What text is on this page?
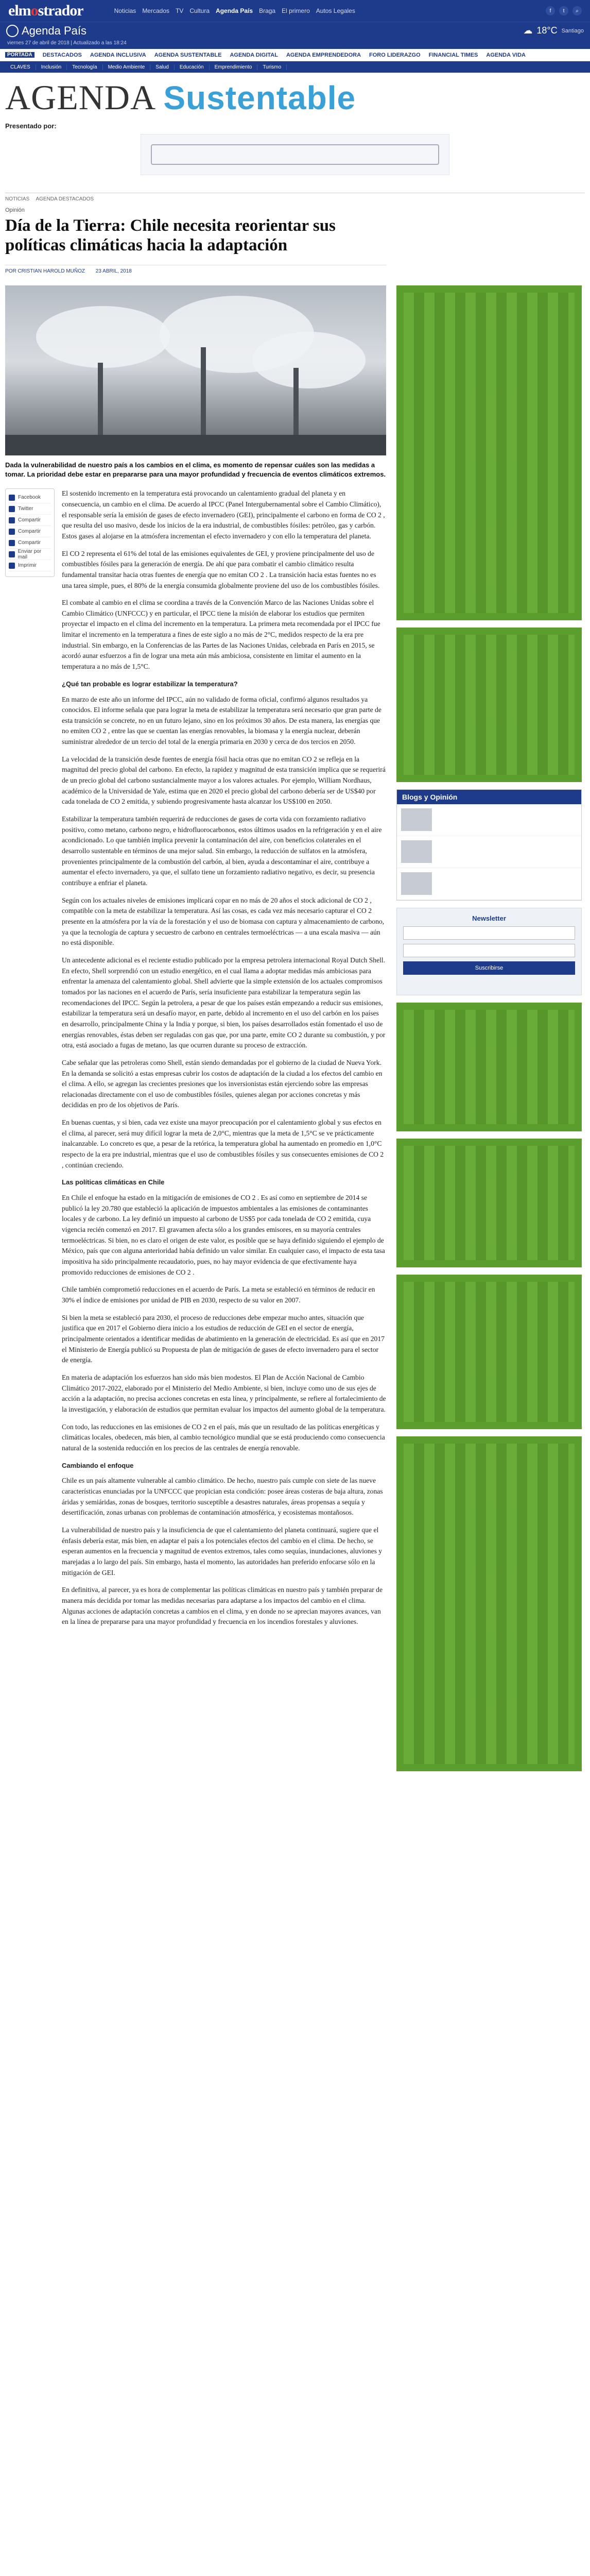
elmostrador	Noticias Mercados TV Cultura Agenda País Braga El primero Autos Legales	f	t	⌕
Agenda País	☁ 18°C Santiago
viernes 27 de abril de 2018 | Actualizado a las 18:24
PORTADA	DESTACADOS AGENDA INCLUSIVA AGENDA SUSTENTABLE AGENDA DIGITAL AGENDA EMPRENDEDORA FORO LIDERAZGO FINANCIAL TIMES AGENDA VIDA
CLAVES	Inclusión	Tecnología	Medio Ambiente	Salud	Educación	Emprendimiento	Turismo
AGENDA Sustentable
Presentado por:
NOTICIAS AGENDA DESTACADOS
Opinión
Día de la Tierra: Chile necesita reorientar sus políticas climáticas hacia la adaptación
POR CRISTIAN HAROLD MUÑOZ 23 ABRIL, 2018

Dada la vulnerabilidad de nuestro país a los cambios en el clima, es momento de repensar cuáles son las medidas a tomar. La prioridad debe estar en prepararse para una mayor profundidad y frecuencia de eventos climáticos extremos.

Facebook
Twitter
Compartir
Compartir
Compartir
Enviar por mail
Imprimir

El sostenido incremento en la temperatura está provocando un calentamiento gradual del planeta y en consecuencia, un cambio en el clima. De acuerdo al IPCC (Panel Intergubernamental sobre el Cambio Climático), el responsable sería la emisión de gases de efecto invernadero (GEI), principalmente el carbono en forma de CO 2 , que resulta del uso masivo, desde los inicios de la era industrial, de combustibles fósiles: petróleo, gas y carbón. Estos gases al alojarse en la atmósfera incrementan el efecto invernadero y con ello la temperatura del planeta.

El CO 2 representa el 61% del total de las emisiones equivalentes de GEI, y proviene principalmente del uso de combustibles fósiles para la generación de energía. De ahí que para combatir el cambio climático resulta fundamental transitar hacia otras fuentes de energía que no emitan CO 2 . La transición hacia estas fuentes no es una tarea simple, pues, el 80% de la energía consumida globalmente proviene del uso de los combustibles fósiles.

El combate al cambio en el clima se coordina a través de la Convención Marco de las Naciones Unidas sobre el Cambio Climático (UNFCCC) y en particular, el IPCC tiene la misión de elaborar los estudios que permiten proyectar el impacto en el clima del incremento en la temperatura. La primera meta recomendada por el IPCC fue limitar el incremento en la temperatura a fines de este siglo a no más de 2°C, medidos respecto de la era pre industrial. Sin embargo, en la Conferencias de las Partes de las Naciones Unidas, celebrada en París en 2015, se acordó aunar esfuerzos a fin de lograr una meta aún más ambiciosa, consistente en limitar el aumento en la temperatura a no más de 1,5°C.

¿Qué tan probable es lograr estabilizar la temperatura?

En marzo de este año un informe del IPCC, aún no validado de forma oficial, confirmó algunos resultados ya conocidos. El informe señala que para lograr la meta de estabilizar la temperatura será necesario que gran parte de esta transición se concrete, no en un futuro lejano, sino en los próximos 30 años. De esta manera, las energías que no emiten CO 2 , entre las que se cuentan las energías renovables, la biomasa y la energía nuclear, deberán suministrar alrededor de un tercio del total de la energía primaria en 2030 y cerca de dos tercios en 2050.

La velocidad de la transición desde fuentes de energía fósil hacia otras que no emitan CO 2 se refleja en la magnitud del precio global del carbono. En efecto, la rapidez y magnitud de esta transición implica que se requerirá de un precio global del carbono sustancialmente mayor a los valores actuales. Por ejemplo, William Nordhaus, académico de la Universidad de Yale, estima que en 2020 el precio global del carbono debería ser de US$40 por cada tonelada de CO 2 emitida, y subiendo progresivamente hasta alcanzar los US$100 en 2050.

Estabilizar la temperatura también requerirá de reducciones de gases de corta vida con forzamiento radiativo positivo, como metano, carbono negro, e hidrofluorocarbonos, estos últimos usados en la refrigeración y en el aire acondicionado. Lo que también implica prevenir la contaminación del aire, con beneficios colaterales en el desarrollo sustentable en términos de una mejor salud. Sin embargo, la reducción de sulfatos en la atmósfera, provenientes principalmente de la combustión del carbón, al bien, ayuda a descontaminar el aire, contribuye a aumentar el efecto invernadero, ya que, el sulfato tiene un forzamiento radiativo negativo, es decir, su presencia contribuye a enfriar el planeta.

Según con los actuales niveles de emisiones implicará copar en no más de 20 años el stock adicional de CO 2 , compatible con la meta de estabilizar la temperatura. Así las cosas, es cada vez más necesario capturar el CO 2 presente en la atmósfera por la vía de la forestación y el uso de biomasa con captura y almacenamiento de carbono, ya que la tecnología de captura y secuestro de carbono en centrales termoeléctricas — a una escala masiva — aún no está disponible.

Un antecedente adicional es el reciente estudio publicado por la empresa petrolera internacional Royal Dutch Shell. En efecto, Shell sorprendió con un estudio energético, en el cual llama a adoptar medidas más ambiciosas para enfrentar la amenaza del calentamiento global. Shell advierte que la simple extensión de los actuales compromisos tomados por las naciones en el acuerdo de París, sería insuficiente para estabilizar la temperatura según las recomendaciones del IPCC. Según la petrolera, a pesar de que los países están empezando a reducir sus emisiones, estabilizar la temperatura será un desafío mayor, en parte, debido al incremento en el uso del carbón en los países en desarrollo, principalmente China y la India y porque, si bien, los países desarrollados están fomentado el uso de energías renovables, éstas deben ser reguladas con gas que, por una parte, emite CO 2 durante su combustión, y por otra, está asociado a fugas de metano, las que ocurren durante su proceso de extracción.

Cabe señalar que las petroleras como Shell, están siendo demandadas por el gobierno de la ciudad de Nueva York. En la demanda se solicitó a estas empresas cubrir los costos de adaptación de la ciudad a los efectos del cambio en el clima. A ello, se agregan las crecientes presiones que los inversionistas están ejerciendo sobre las empresas relacionadas directamente con el uso de combustibles fósiles, quienes alegan por acciones concretas y más decididas en pro de los objetivos de París.

En buenas cuentas, y si bien, cada vez existe una mayor preocupación por el calentamiento global y sus efectos en el clima, al parecer, será muy difícil lograr la meta de 2,0°C, mientras que la meta de 1,5°C se ve prácticamente inalcanzable. Lo concreto es que, a pesar de la retórica, la temperatura global ha aumentado en promedio en 1,0°C respecto de la era pre industrial, mientras que el uso de combustibles fósiles y sus consecuentes emisiones de CO 2 , continúan creciendo.

Las políticas climáticas en Chile

En Chile el enfoque ha estado en la mitigación de emisiones de CO 2 . Es así como en septiembre de 2014 se publicó la ley 20.780 que estableció la aplicación de impuestos ambientales a las emisiones de contaminantes locales y de carbono. La ley definió un impuesto al carbono de US$5 por cada tonelada de CO 2 emitida, cuya vigencia recién comenzó en 2017. El gravamen afecta sólo a los grandes emisores, en su mayoría centrales termoeléctricas. Si bien, no es claro el origen de este valor, es posible que se haya definido siguiendo el ejemplo de México, país que con alguna anterioridad había definido un valor similar. En cualquier caso, el impacto de esta tasa impositiva ha sido principalmente recaudatorio, pues, no hay mayor evidencia de que efectivamente haya promovido reducciones de emisiones de CO 2 .

Chile también comprometió reducciones en el acuerdo de París. La meta se estableció en términos de reducir en 30% el índice de emisiones por unidad de PIB en 2030, respecto de su valor en 2007.

Si bien la meta se estableció para 2030, el proceso de reducciones debe empezar mucho antes, situación que justifica que en 2017 el Gobierno diera inicio a los estudios de reducción de GEI en el sector de energía, principalmente orientados a identificar medidas de abatimiento en la generación de electricidad. Es así que en 2017 el Ministerio de Energía publicó su Propuesta de plan de mitigación de gases de efecto invernadero para el sector de energía.

En materia de adaptación los esfuerzos han sido más bien modestos. El Plan de Acción Nacional de Cambio Climático 2017-2022, elaborado por el Ministerio del Medio Ambiente, si bien, incluye como uno de sus ejes de acción a la adaptación, no precisa acciones concretas en esta línea, y principalmente, se refiere al fortalecimiento de la investigación, y elaboración de estudios que permitan evaluar los impactos del aumento global de la temperatura.

Con todo, las reducciones en las emisiones de CO 2 en el país, más que un resultado de las políticas energéticas y climáticas locales, obedecen, más bien, al cambio tecnológico mundial que se está produciendo como consecuencia natural de la sostenida reducción en los precios de las centrales de energía renovable.

Cambiando el enfoque

Chile es un país altamente vulnerable al cambio climático. De hecho, nuestro país cumple con siete de las nueve características enunciadas por la UNFCCC que propician esta condición: posee áreas costeras de baja altura, zonas áridas y semiáridas, zonas de bosques, territorio susceptible a desastres naturales, áreas propensas a sequía y desertificación, zonas urbanas con problemas de contaminación atmosférica, y ecosistemas montañosos.

La vulnerabilidad de nuestro país y la insuficiencia de que el calentamiento del planeta continuará, sugiere que el énfasis debería estar, más bien, en adaptar el país a los potenciales efectos del cambio en el clima. De hecho, se esperan aumentos en la frecuencia y magnitud de eventos extremos, tales como sequías, inundaciones, aluviones y marejadas a lo largo del país. Sin embargo, hasta el momento, las autoridades han preferido enfocarse sólo en la mitigación de GEI.

En definitiva, al parecer, ya es hora de complementar las políticas climáticas en nuestro país y también preparar de manera más decidida por tomar las medidas necesarias para adaptarse a los impactos del cambio en el clima. Algunas acciones de adaptación concretas a cambios en el clima, y en donde no se aprecian mayores avances, van en la línea de prepararse para una mayor profundidad y frecuencia en los incendios forestales y aluviones.

Blogs y Opinión
Newsletter
Suscribirse
